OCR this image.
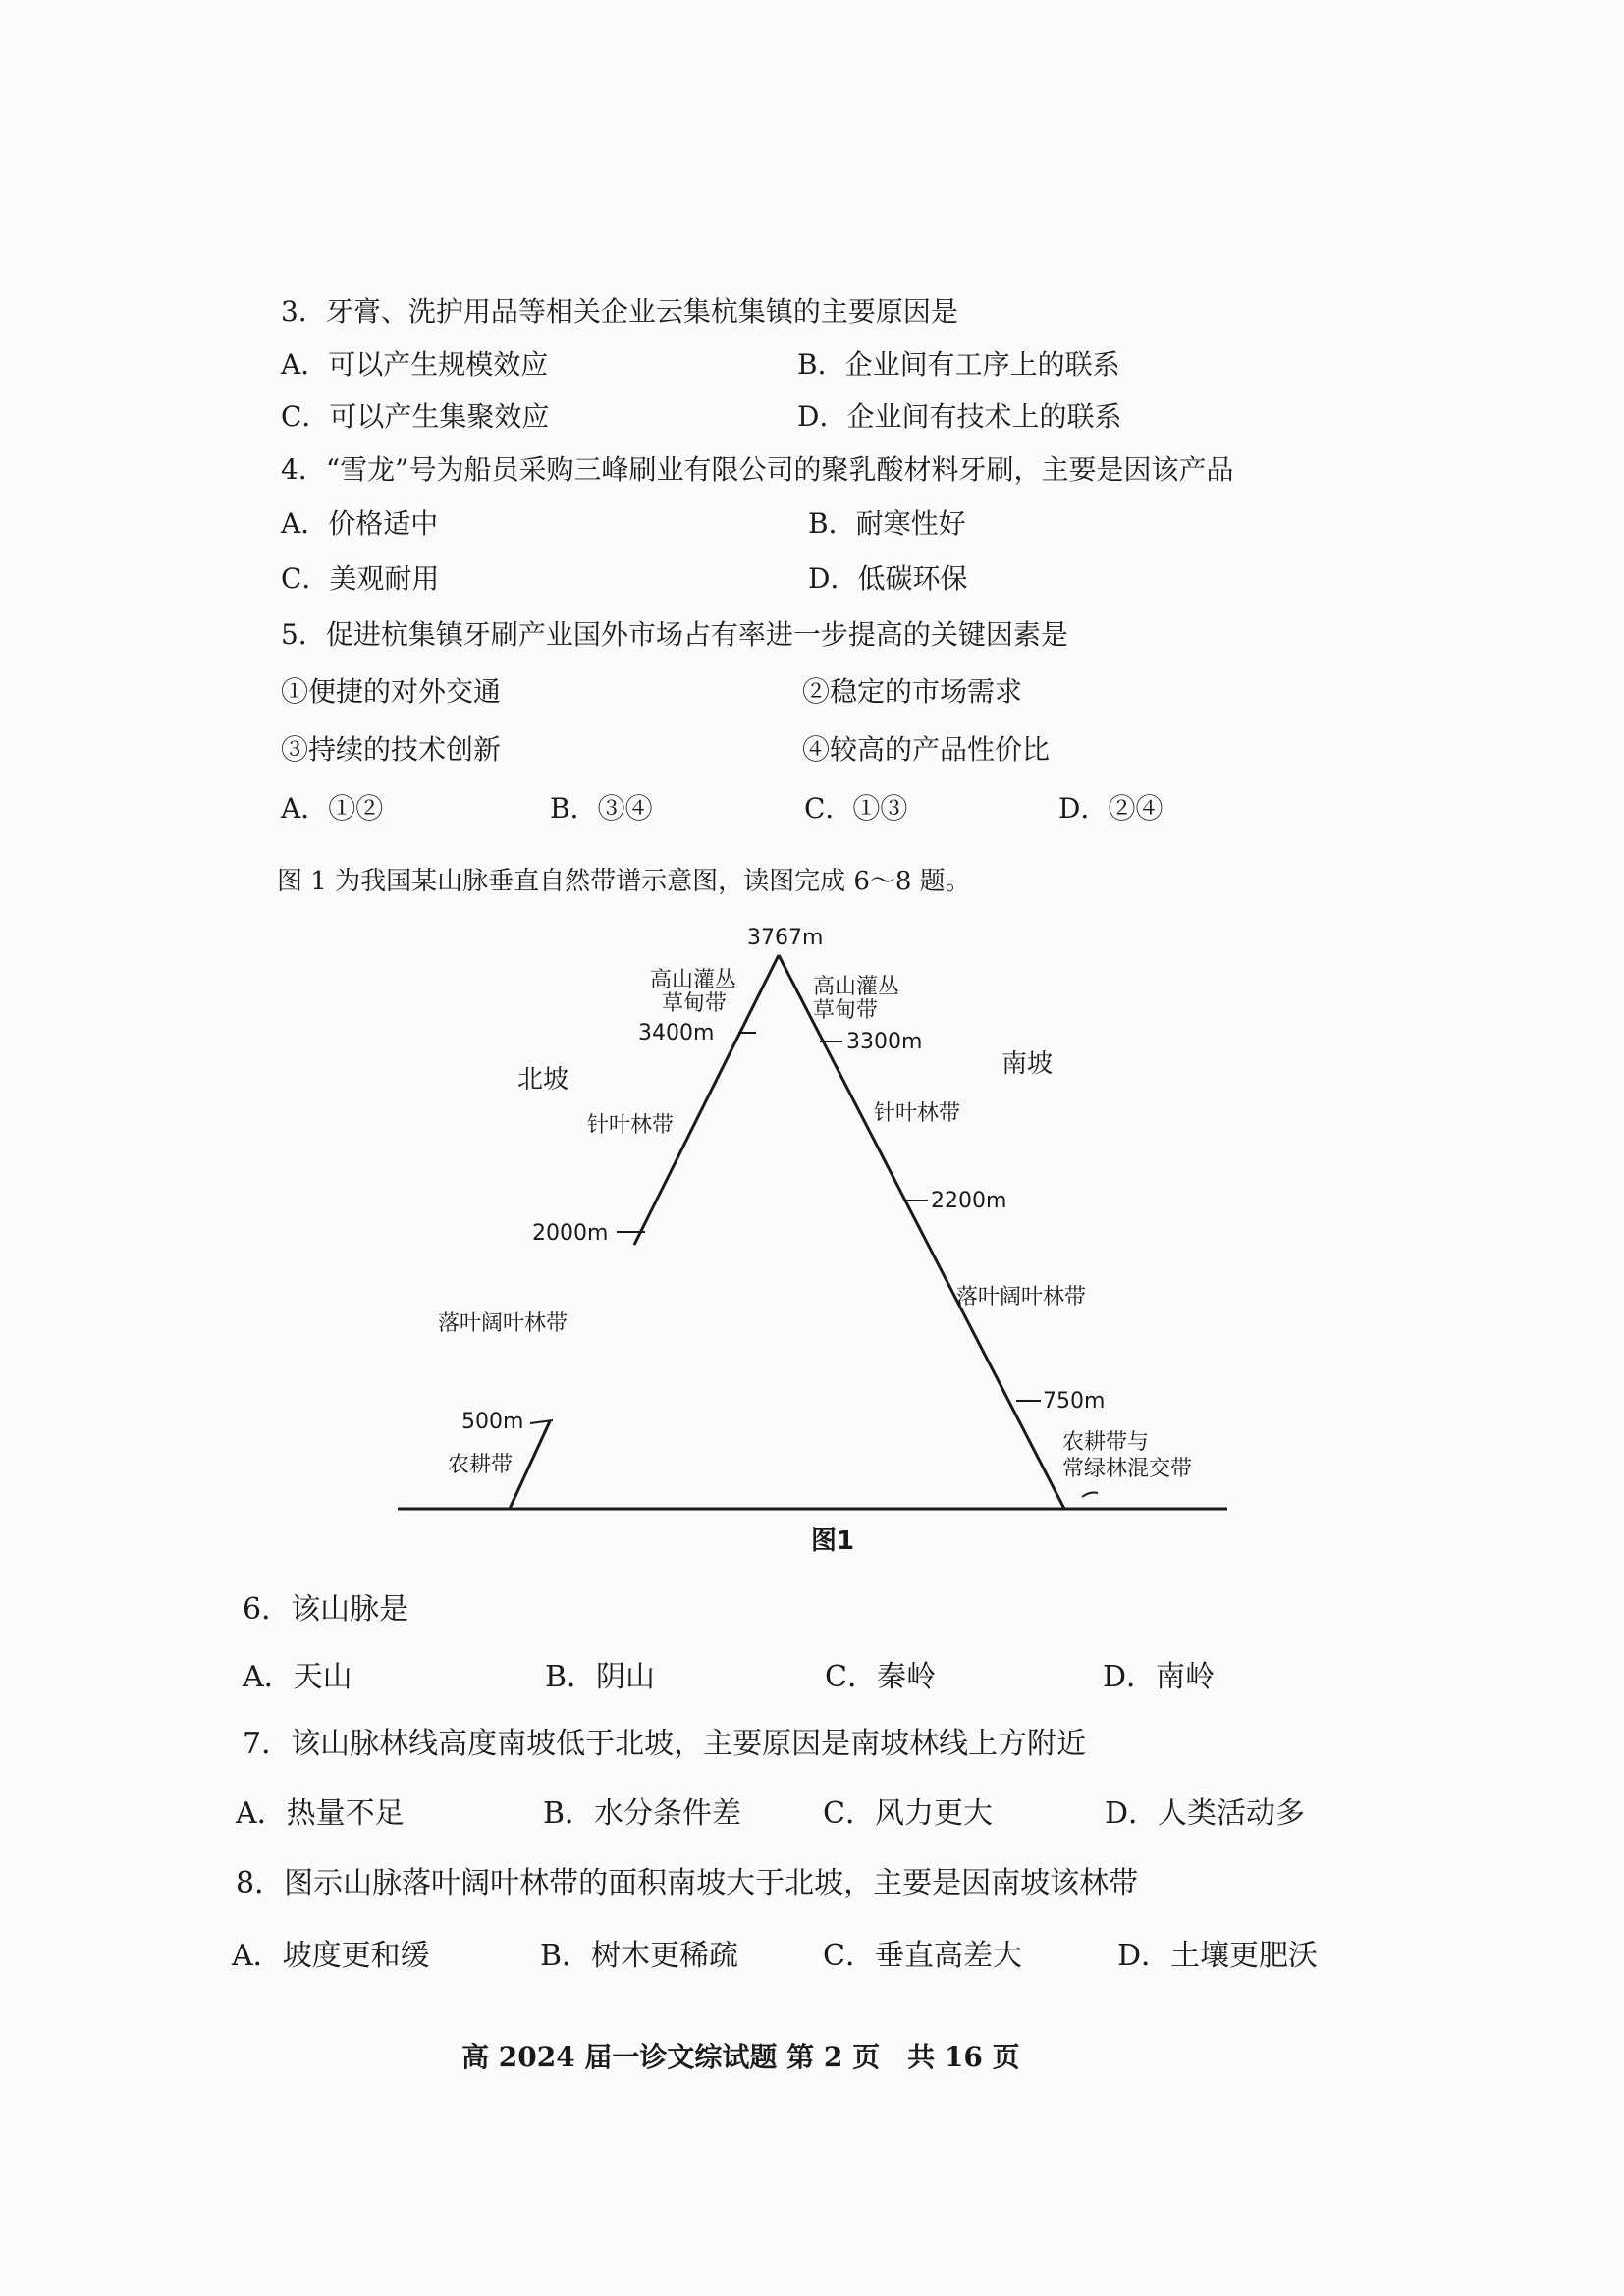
3．牙膏、洗护用品等相关企业云集杭集镇的主要原因是
A．可以产生规模效应	B．企业间有工序上的联系
C．可以产生集聚效应	D．企业间有技术上的联系
4．“雪龙”号为船员采购三峰刷业有限公司的聚乳酸材料牙刷，主要是因该产品
A．价格适中	B．耐寒性好
C．美观耐用	D．低碳环保
5．促进杭集镇牙刷产业国外市场占有率进一步提高的关键因素是
①便捷的对外交通	②稳定的市场需求
③持续的技术创新	④较高的产品性价比
A．①②	B．③④	C．①③	D．②④
图 1 为我国某山脉垂直自然带谱示意图，读图完成 6～8 题。
3767m
高山灌丛
草甸带
3400m
高山灌丛
草甸带
3300m
北坡
南坡
针叶林带	针叶林带
2000m
2200m
落叶阔叶林带
落叶阔叶林带
750m
500m
农耕带
农耕带与
常绿林混交带
图1
6．该山脉是
A．天山	B．阴山	C．秦岭	D．南岭
7．该山脉林线高度南坡低于北坡，主要原因是南坡林线上方附近
A．热量不足	B．水分条件差	C．风力更大	D．人类活动多
8．图示山脉落叶阔叶林带的面积南坡大于北坡，主要是因南坡该林带
A．坡度更和缓	B．树木更稀疏	C．垂直高差大	D．土壤更肥沃
高 2024 届一诊文综试题 第 2 页　共 16 页
